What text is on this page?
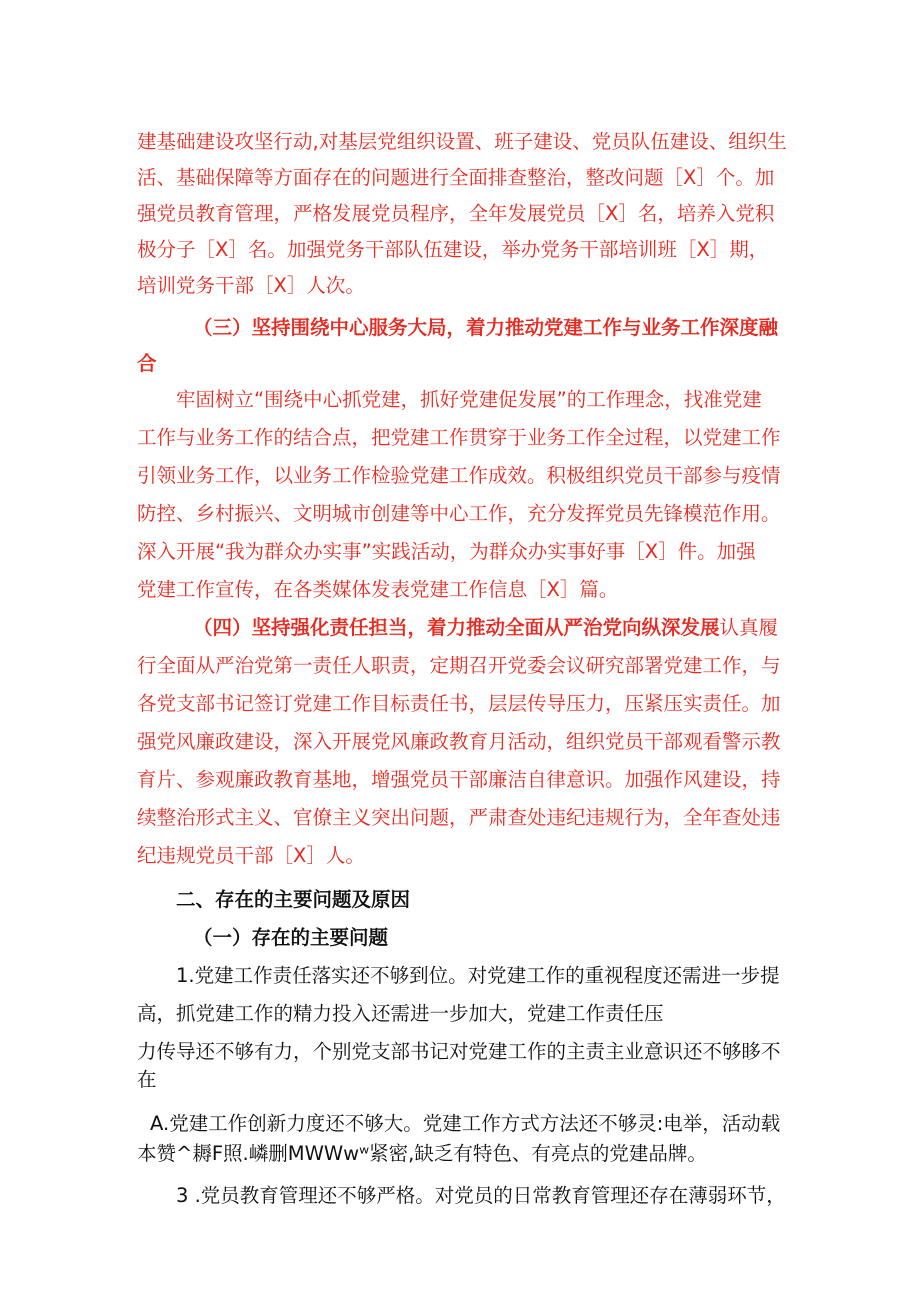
建基础建设攻坚行动,对基层党组织设置、班子建设、党员队伍建设、组织生
活、基础保障等方面存在的问题进行全面排查整治，整改问题［X］个。加
强党员教育管理，严格发展党员程序，全年发展党员［X］名，培养入党积
极分子［X］名。加强党务干部队伍建设，举办党务干部培训班［X］期，
培训党务干部［X］人次。
（三）坚持围绕中心服务大局，着力推动党建工作与业务工作深度融
合
牢固树立“围绕中心抓党建，抓好党建促发展”的工作理念，找准党建
工作与业务工作的结合点，把党建工作贯穿于业务工作全过程，以党建工作
引领业务工作，以业务工作检验党建工作成效。积极组织党员干部参与疫情
防控、乡村振兴、文明城市创建等中心工作，充分发挥党员先锋模范作用。
深入开展“我为群众办实事”实践活动，为群众办实事好事［X］件。加强
党建工作宣传，在各类媒体发表党建工作信息［X］篇。
（四）坚持强化责任担当，着力推动全面从严治党向纵深发展认真履
行全面从严治党第一责任人职责，定期召开党委会议研究部署党建工作，与
各党支部书记签订党建工作目标责任书，层层传导压力，压紧压实责任。加
强党风廉政建设，深入开展党风廉政教育月活动，组织党员干部观看警示教
育片、参观廉政教育基地，增强党员干部廉洁自律意识。加强作风建设，持
续整治形式主义、官僚主义突出问题，严肃查处违纪违规行为，全年查处违
纪违规党员干部［X］人。
二、存在的主要问题及原因
（一）存在的主要问题
1.党建工作责任落实还不够到位。对党建工作的重视程度还需进一步提
高，抓党建工作的精力投入还需进一步加大，党建工作责任压
力传导还不够有力，个别党支部书记对党建工作的主责主业意识还不够眵不
在
A.党建工作创新力度还不够大。党建工作方式方法还不够灵:电举，活动载
本赞^耨F照.嶙删MWWwʷ紧密,缺乏有特色、有亮点的党建品牌。
3 .党员教育管理还不够严格。对党员的日常教育管理还存在薄弱环节，
